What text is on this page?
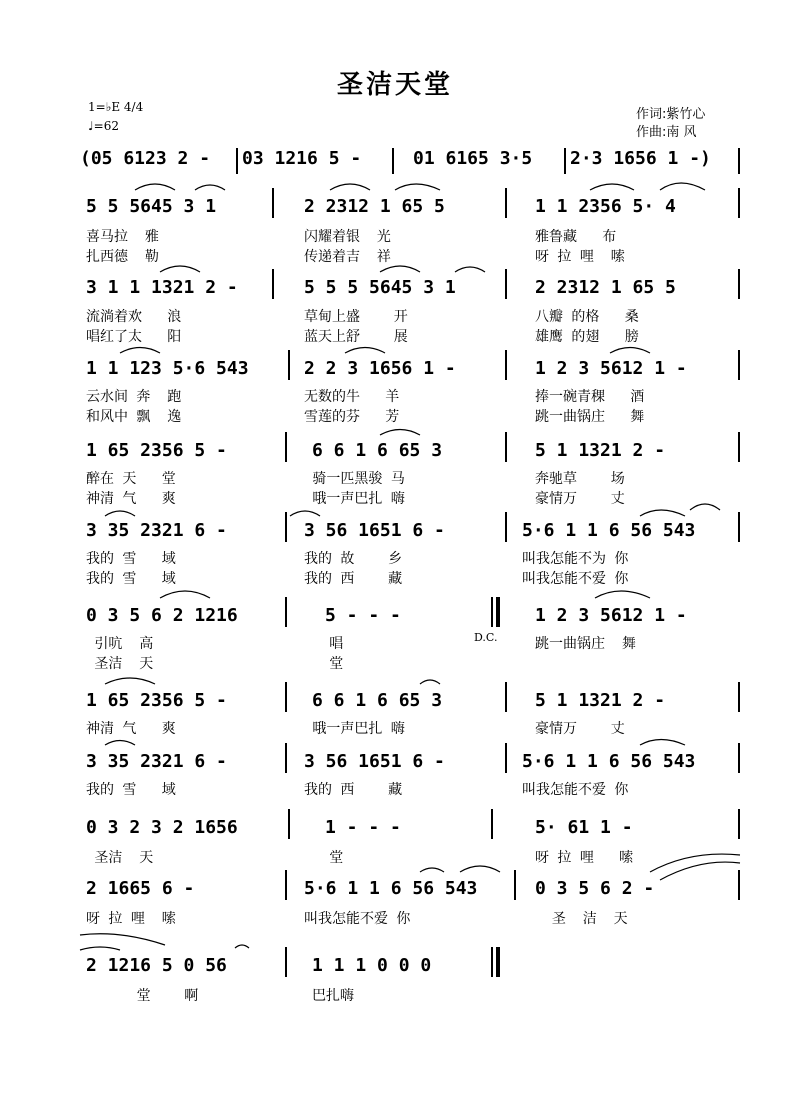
圣洁天堂
1=♭E 4/4
♩=62
作词:紫竹心
作曲:南 风
(05 6123 2 - 03 1216 5 -	01 6165 3·5 2·3 1656 1 -)
5 5 5645 3 1	2 2312 1 65 5	1 1 2356 5· 4
喜马拉  雅	闪耀着银  光	雅鲁藏   布
扎西德  勒	传递着吉  祥	呀 拉 哩  嗦
3 1 1 1321 2 -	5 5 5 5645 3 1	2 2312 1 65 5
流淌着欢   浪	草甸上盛    开	八瓣 的格   桑
唱红了太   阳	蓝天上舒    展	雄鹰 的翅   膀
1 1 123 5·6 543	2 2 3 1656 1 -	1 2 3 5612 1 -
云水间 奔  跑	无数的牛   羊	捧一碗青稞   酒
和风中 飘  逸	雪莲的芬   芳	跳一曲锅庄   舞
1 65 2356 5 -	6 6 1 6 65 3	5 1 1321 2 -
醉在 天   堂	骑一匹黑骏 马	奔驰草    场
神清 气   爽	哦一声巴扎 嗨	豪情万    丈
3 35 2321 6 -	3 56 1651 6 -	5·6 1 1 6 56 543
我的 雪   域	我的 故    乡	叫我怎能不为 你
我的 雪   域	我的 西    藏	叫我怎能不爱 你
0 3 5 6 2 1216	5 - - -	1 2 3 5612 1 -
D.C.
引吭  高	唱	跳一曲锅庄  舞
圣洁  天	堂
1 65 2356 5 -	6 6 1 6 65 3	5 1 1321 2 -
神清 气   爽	哦一声巴扎 嗨	豪情万    丈
3 35 2321 6 -	3 56 1651 6 -	5·6 1 1 6 56 543
我的 雪   域	我的 西    藏	叫我怎能不爱 你
0 3 2 3 2 1656	1 - - -	5· 61 1 -
圣洁  天	堂	呀 拉 哩   嗦
2 1665 6 -	5·6 1 1 6 56 543	0 3 5 6 2 -
呀 拉 哩  嗦	叫我怎能不爱 你	圣  洁  天
2 1216 5 0 56	1 1 1 0 0 0
堂    啊	巴扎嗨
